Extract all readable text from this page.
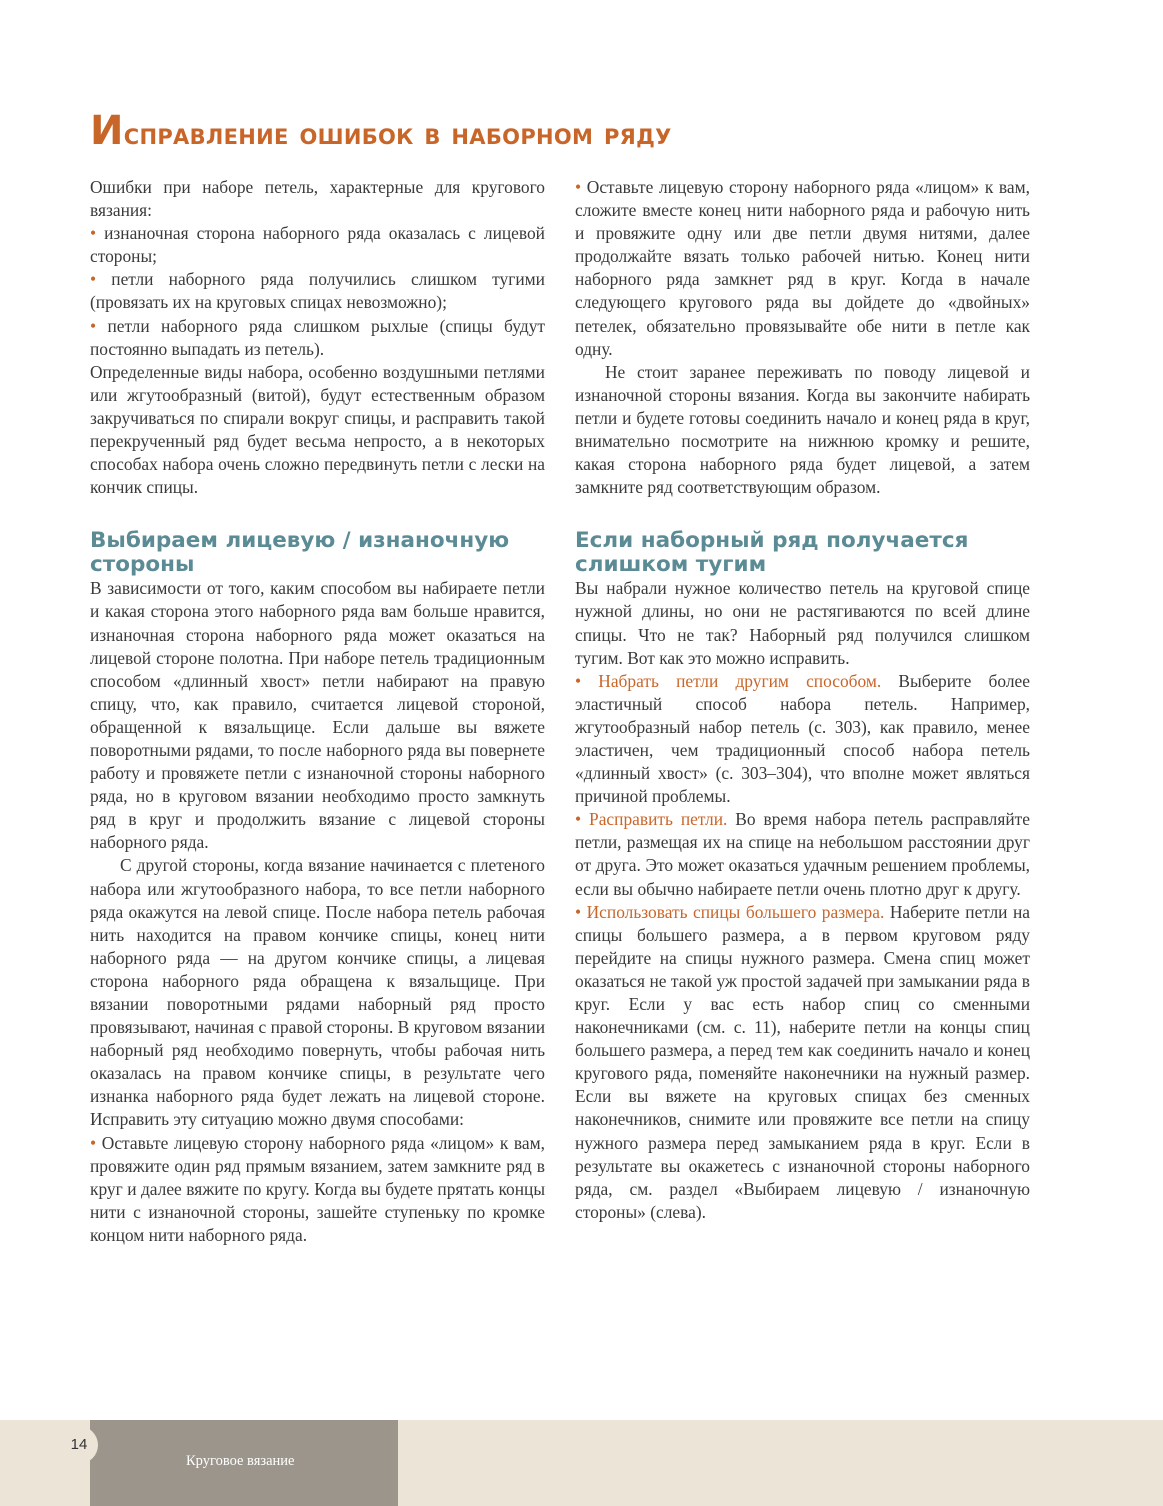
Исправление ошибок в наборном ряду

Ошибки при наборе петель, характерные для кругового вязания:

• изнаночная сторона наборного ряда оказалась с лицевой стороны;

• петли наборного ряда получились слишком тугими (провязать их на круговых спицах невозможно);

• петли наборного ряда слишком рыхлые (спицы будут постоянно выпадать из петель).

Определенные виды набора, особенно воздушными петлями или жгутообразный (витой), будут естественным образом закручиваться по спирали вокруг спицы, и расправить такой перекрученный ряд будет весьма непросто, а в некоторых способах набора очень сложно передвинуть петли с лески на кончик спицы.

Выбираем лицевую / изнаночную стороны

В зависимости от того, каким способом вы набираете петли и какая сторона этого наборного ряда вам больше нравится, изнаночная сторона наборного ряда может оказаться на лицевой стороне полотна. При наборе петель традиционным способом «длинный хвост» петли набирают на правую спицу, что, как правило, считается лицевой стороной, обращенной к вязальщице. Если дальше вы вяжете поворотными рядами, то после наборного ряда вы повернете работу и провяжете петли с изнаночной стороны наборного ряда, но в круговом вязании необходимо просто замкнуть ряд в круг и продолжить вязание с лицевой стороны наборного ряда.

С другой стороны, когда вязание начинается с плетеного набора или жгутообразного набора, то все петли наборного ряда окажутся на левой спице. После набора петель рабочая нить находится на правом кончике спицы, конец нити наборного ряда — на другом кончике спицы, а лицевая сторона наборного ряда обращена к вязальщице. При вязании поворотными рядами наборный ряд просто провязывают, начиная с правой стороны. В круговом вязании наборный ряд необходимо повернуть, чтобы рабочая нить оказалась на правом кончике спицы, в результате чего изнанка наборного ряда будет лежать на лицевой стороне. Исправить эту ситуацию можно двумя способами:

• Оставьте лицевую сторону наборного ряда «лицом» к вам, провяжите один ряд прямым вязанием, затем замкните ряд в круг и далее вяжите по кругу. Когда вы будете прятать концы нити с изнаночной стороны, зашейте ступеньку по кромке концом нити наборного ряда.

• Оставьте лицевую сторону наборного ряда «лицом» к вам, сложите вместе конец нити наборного ряда и рабочую нить и провяжите одну или две петли двумя нитями, далее продолжайте вязать только рабочей нитью. Конец нити наборного ряда замкнет ряд в круг. Когда в начале следующего кругового ряда вы дойдете до «двойных» петелек, обязательно провязывайте обе нити в петле как одну.

Не стоит заранее переживать по поводу лицевой и изнаночной стороны вязания. Когда вы закончите набирать петли и будете готовы соединить начало и конец ряда в круг, внимательно посмотрите на нижнюю кромку и решите, какая сторона наборного ряда будет лицевой, а затем замкните ряд соответствующим образом.

Если наборный ряд получается слишком тугим

Вы набрали нужное количество петель на круговой спице нужной длины, но они не растягиваются по всей длине спицы. Что не так? Наборный ряд получился слишком тугим. Вот как это можно исправить.

• Набрать петли другим способом. Выберите более эластичный способ набора петель. Например, жгутообразный набор петель (с. 303), как правило, менее эластичен, чем традиционный способ набора петель «длинный хвост» (с. 303–304), что вполне может являться причиной проблемы.

• Расправить петли. Во время набора петель расправляйте петли, размещая их на спице на небольшом расстоянии друг от друга. Это может оказаться удачным решением проблемы, если вы обычно набираете петли очень плотно друг к другу.

• Использовать спицы большего размера. Наберите петли на спицы большего размера, а в первом круговом ряду перейдите на спицы нужного размера. Смена спиц может оказаться не такой уж простой задачей при замыкании ряда в круг. Если у вас есть набор спиц со сменными наконечниками (см. с. 11), наберите петли на концы спиц большего размера, а перед тем как соединить начало и конец кругового ряда, поменяйте наконечники на нужный размер. Если вы вяжете на круговых спицах без сменных наконечников, снимите или провяжите все петли на спицу нужного размера перед замыканием ряда в круг. Если в результате вы окажетесь с изнаночной стороны наборного ряда, см. раздел «Выбираем лицевую / изнаночную стороны» (слева).

14
Круговое вязание
